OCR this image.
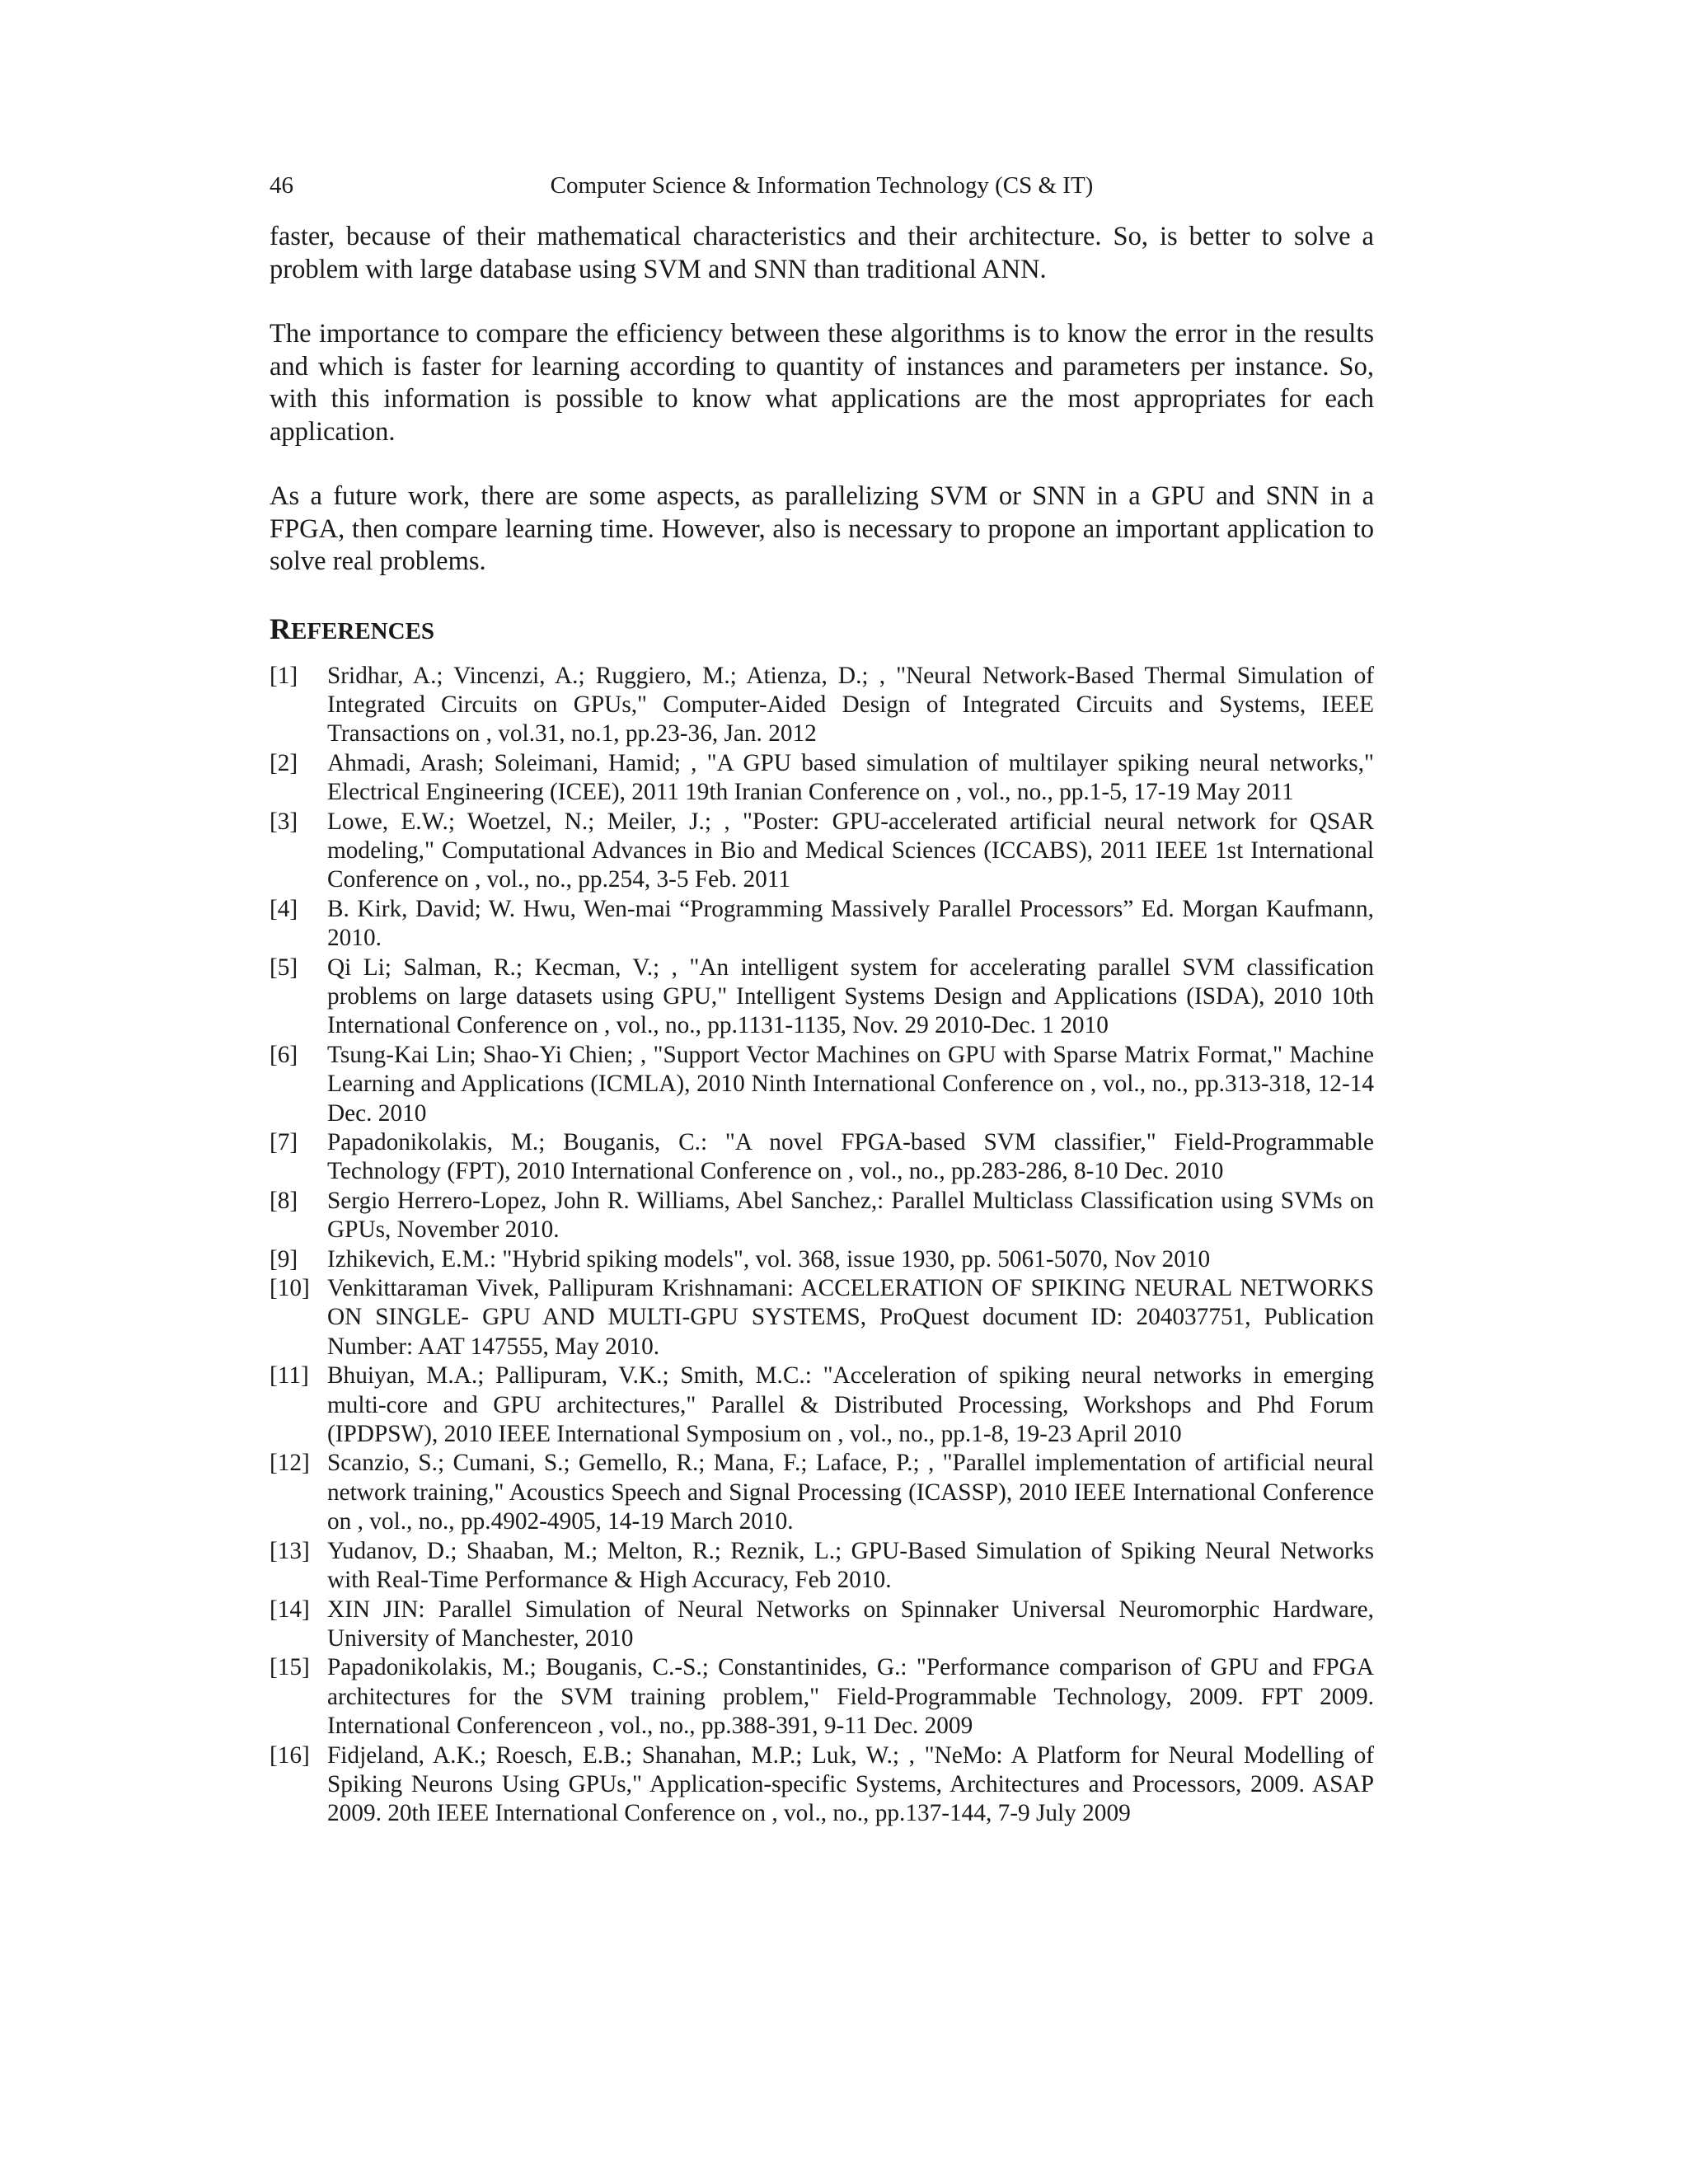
46	Computer Science & Information Technology (CS & IT)

faster, because of their mathematical characteristics and their architecture. So, is better to solve a problem with large database using SVM and SNN than traditional ANN.

The importance to compare the efficiency between these algorithms is to know the error in the results and which is faster for learning according to quantity of instances and parameters per instance. So, with this information is possible to know what applications are the most appropriates for each application.

As a future work, there are some aspects, as parallelizing SVM or SNN in a GPU and SNN in a FPGA, then compare learning time. However, also is necessary to propone an important application to solve real problems.

REFERENCES
[1]	Sridhar, A.; Vincenzi, A.; Ruggiero, M.; Atienza, D.; , "Neural Network-Based Thermal Simulation of Integrated Circuits on GPUs," Computer-Aided Design of Integrated Circuits and Systems, IEEE Transactions on , vol.31, no.1, pp.23-36, Jan. 2012
[2]	Ahmadi, Arash; Soleimani, Hamid; , "A GPU based simulation of multilayer spiking neural networks," Electrical Engineering (ICEE), 2011 19th Iranian Conference on , vol., no., pp.1-5, 17-19 May 2011
[3]	Lowe, E.W.; Woetzel, N.; Meiler, J.; , "Poster: GPU-accelerated artificial neural network for QSAR modeling," Computational Advances in Bio and Medical Sciences (ICCABS), 2011 IEEE 1st International Conference on , vol., no., pp.254, 3-5 Feb. 2011
[4]	B. Kirk, David; W. Hwu, Wen-mai “Programming Massively Parallel Processors” Ed. Morgan Kaufmann, 2010.
[5]	Qi Li; Salman, R.; Kecman, V.; , "An intelligent system for accelerating parallel SVM classification problems on large datasets using GPU," Intelligent Systems Design and Applications (ISDA), 2010 10th International Conference on , vol., no., pp.1131-1135, Nov. 29 2010-Dec. 1 2010
[6]	Tsung-Kai Lin; Shao-Yi Chien; , "Support Vector Machines on GPU with Sparse Matrix Format," Machine Learning and Applications (ICMLA), 2010 Ninth International Conference on , vol., no., pp.313-318, 12-14 Dec. 2010
[7]	Papadonikolakis, M.; Bouganis, C.: "A novel FPGA-based SVM classifier," Field-Programmable Technology (FPT), 2010 International Conference on , vol., no., pp.283-286, 8-10 Dec. 2010
[8]	Sergio Herrero-Lopez, John R. Williams, Abel Sanchez,: Parallel Multiclass Classification using SVMs on GPUs, November 2010.
[9]	Izhikevich, E.M.: "Hybrid spiking models", vol. 368, issue 1930, pp. 5061-5070, Nov 2010
[10] Venkittaraman Vivek, Pallipuram Krishnamani: ACCELERATION OF SPIKING NEURAL NETWORKS ON SINGLE- GPU AND MULTI-GPU SYSTEMS, ProQuest document ID: 204037751, Publication Number: AAT 147555, May 2010.
[11] Bhuiyan, M.A.; Pallipuram, V.K.; Smith, M.C.: "Acceleration of spiking neural networks in emerging multi-core and GPU architectures," Parallel & Distributed Processing, Workshops and Phd Forum (IPDPSW), 2010 IEEE International Symposium on , vol., no., pp.1-8, 19-23 April 2010
[12] Scanzio, S.; Cumani, S.; Gemello, R.; Mana, F.; Laface, P.; , "Parallel implementation of artificial neural network training," Acoustics Speech and Signal Processing (ICASSP), 2010 IEEE International Conference on , vol., no., pp.4902-4905, 14-19 March 2010.
[13] Yudanov, D.; Shaaban, M.; Melton, R.; Reznik, L.; GPU-Based Simulation of Spiking Neural Networks with Real-Time Performance & High Accuracy, Feb 2010.
[14] XIN JIN: Parallel Simulation of Neural Networks on Spinnaker Universal Neuromorphic Hardware, University of Manchester, 2010
[15] Papadonikolakis, M.; Bouganis, C.-S.; Constantinides, G.: "Performance comparison of GPU and FPGA architectures for the SVM training problem," Field-Programmable Technology, 2009. FPT 2009. International Conferenceon , vol., no., pp.388-391, 9-11 Dec. 2009
[16] Fidjeland, A.K.; Roesch, E.B.; Shanahan, M.P.; Luk, W.; , "NeMo: A Platform for Neural Modelling of Spiking Neurons Using GPUs," Application-specific Systems, Architectures and Processors, 2009. ASAP 2009. 20th IEEE International Conference on , vol., no., pp.137-144, 7-9 July 2009
